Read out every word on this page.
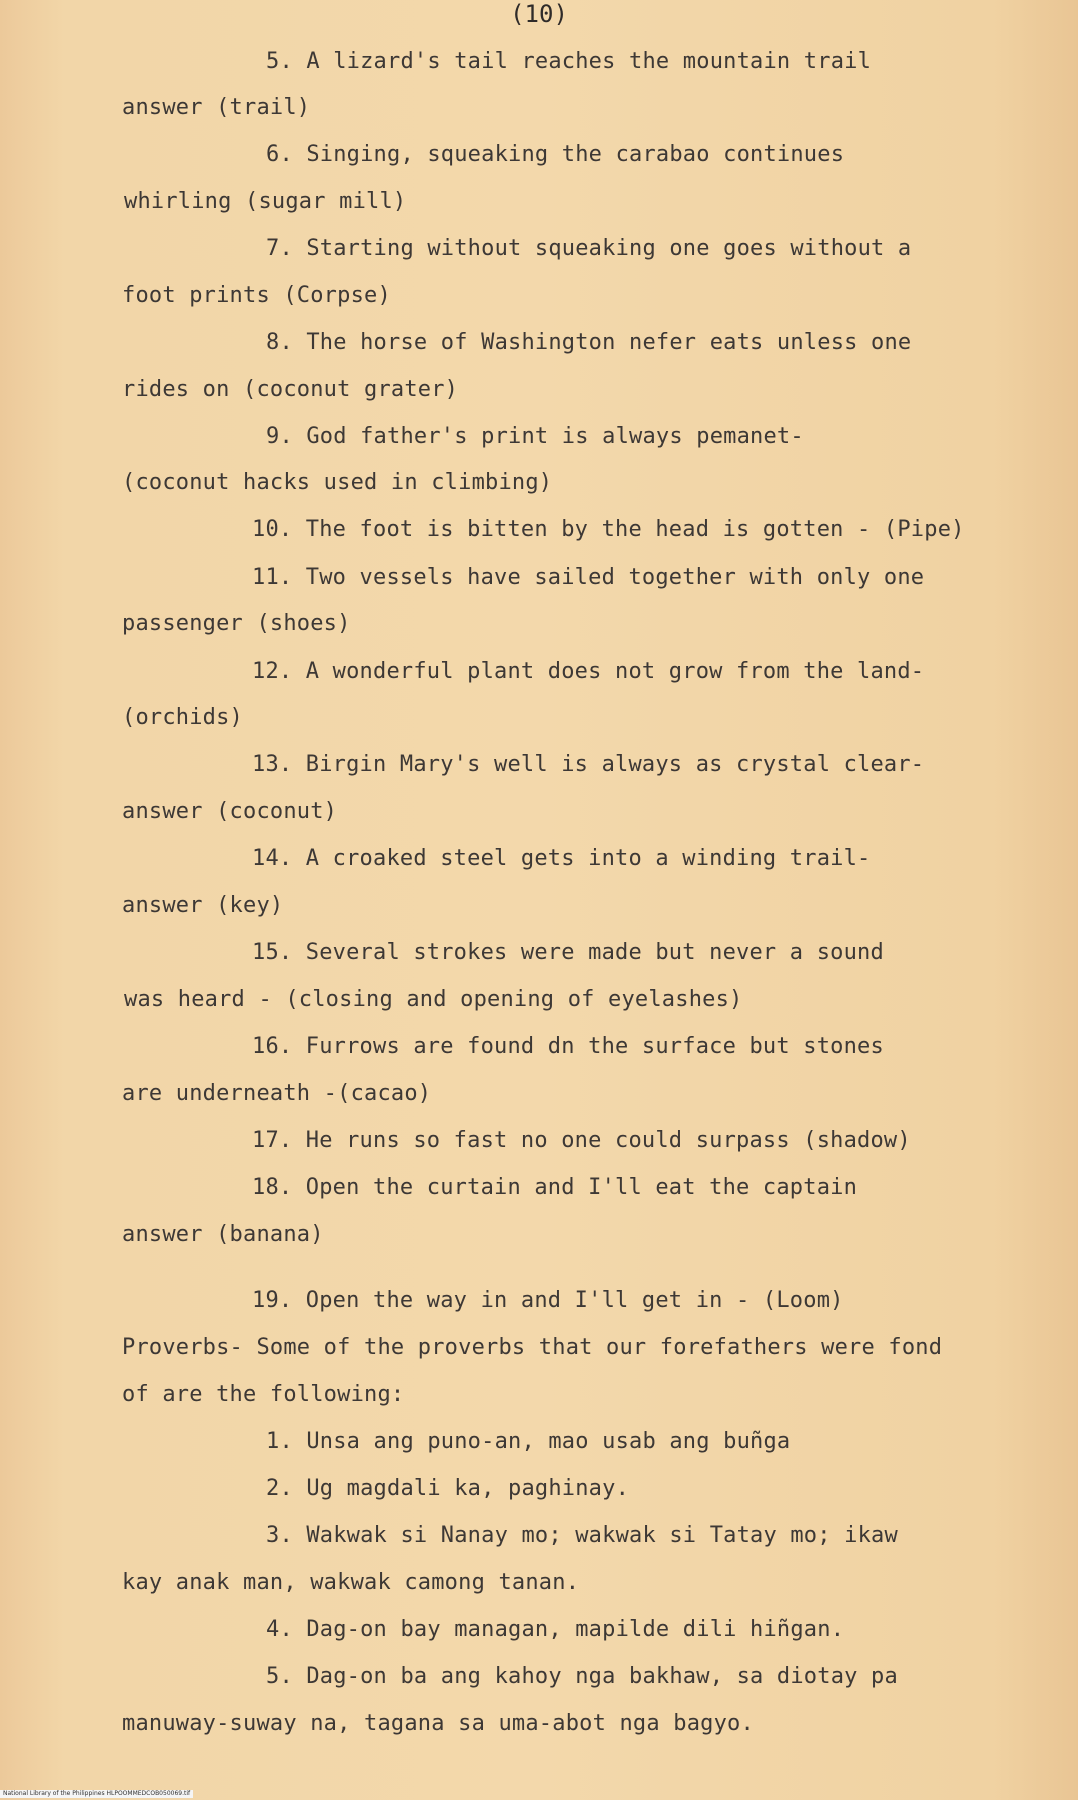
(10)
5. A lizard's tail reaches the mountain trail
answer (trail)
6. Singing, squeaking the carabao continues
whirling (sugar mill)
7. Starting without squeaking one goes without a
foot prints (Corpse)
8. The horse of Washington nefer eats unless one
rides on (coconut grater)
9. God father's print is always pemanet-
(coconut hacks used in climbing)
10. The foot is bitten by the head is gotten - (Pipe)
11. Two vessels have sailed together with only one
passenger (shoes)
12. A wonderful plant does not grow from the land-
(orchids)
13. Birgin Mary's well is always as crystal clear-
answer (coconut)
14. A croaked steel gets into a winding trail-
answer (key)
15. Several strokes were made but never a sound
was heard - (closing and opening of eyelashes)
16. Furrows are found dn the surface but stones
are underneath -(cacao)
17. He runs so fast no one could surpass (shadow)
18. Open the curtain and I'll eat the captain
answer (banana)
19. Open the way in and I'll get in - (Loom)
Proverbs- Some of the proverbs that our forefathers were fond
of are the following:
1. Unsa ang puno-an, mao usab ang buñga
2. Ug magdali ka, paghinay.
3. Wakwak si Nanay mo; wakwak si Tatay mo; ikaw
kay anak man, wakwak camong tanan.
4. Dag-on bay managan, mapilde dili hiñgan.
5. Dag-on ba ang kahoy nga bakhaw, sa diotay pa
manuway-suway na, tagana sa uma-abot nga bagyo.
National Library of the Philippines HLPOOMMEDCOB050069.tif
